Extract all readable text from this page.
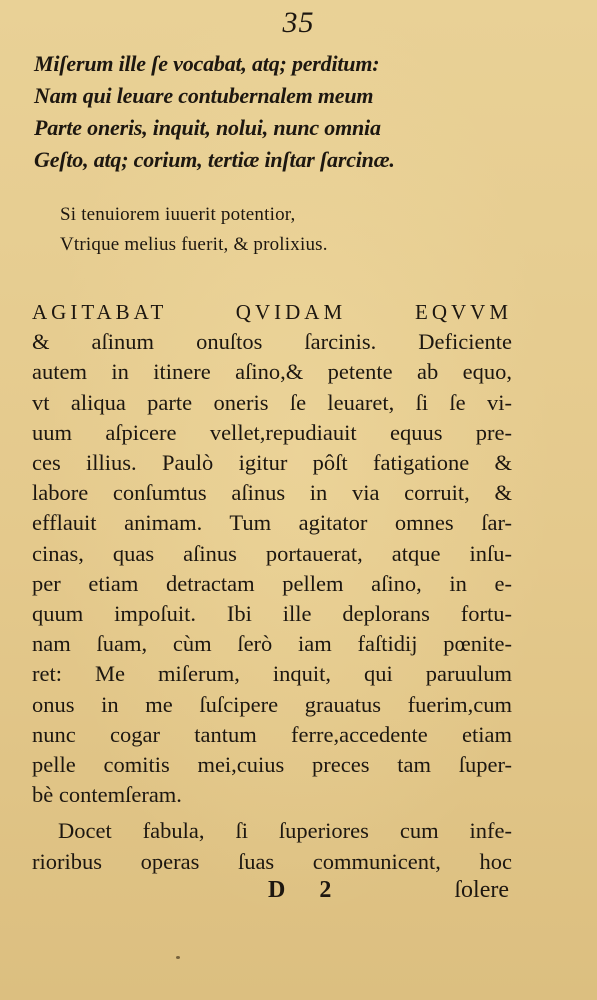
35
Miſerum ille ſe vocabat, atq; perditum:
Nam qui leuare contubernalem meum
Parte oneris, inquit, nolui, nunc omnia
Geſto, atq; corium, tertiæ inſtar ſarcinæ.
Si tenuiorem iuuerit potentior,
Vtrique melius fuerit, & prolixius.
AGITABAT QVIDAM EQVVM
& aſinum onuſtos ſarcinis. Deficiente
autem in itinere aſino,& petente ab equo,
vt aliqua parte oneris ſe leuaret, ſi ſe vi-
uum aſpicere vellet,repudiauit equus pre-
ces illius. Paulò igitur pôſt fatigatione &
labore conſumtus aſinus in via corruit, &
efflauit animam. Tum agitator omnes ſar-
cinas, quas aſinus portauerat, atque inſu-
per etiam detractam pellem aſino, in e-
quum impoſuit. Ibi ille deplorans fortu-
nam ſuam, cùm ſerò iam faſtidij pœnite-
ret: Me miſerum, inquit, qui paruulum
onus in me ſuſcipere grauatus fuerim,cum
nunc cogar tantum ferre,accedente etiam
pelle comitis mei,cuius preces tam ſuper-
bè contemſeram.
Docet fabula, ſi ſuperiores cum infe-
rioribus operas ſuas communicent, hoc
D 2	ſolere
